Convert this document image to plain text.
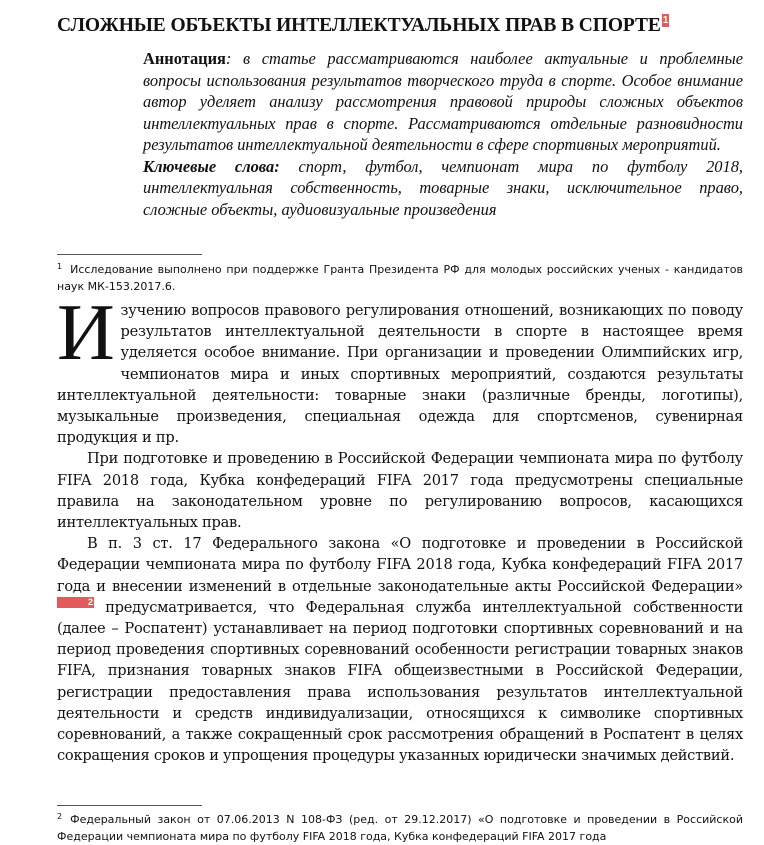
СЛОЖНЫЕ ОБЪЕКТЫ ИНТЕЛЛЕКТУАЛЬНЫХ ПРАВ В СПОРТЕ 1

Аннотация: в статье рассматриваются наиболее актуальные и проблемные вопросы использования результатов творческого труда в спорте. Особое внимание автор уделяет анализу рассмотрения правовой природы сложных объектов интеллектуальных прав в спорте. Рассматриваются отдельные разновидности результатов интеллектуальной деятельности в сфере спортивных мероприятий.

Ключевые слова: спорт, футбол, чемпионат мира по футболу 2018, интеллектуальная собственность, товарные знаки, исключительное право, сложные объекты, аудиовизуальные произведения

$^1$ Исследование выполнено при поддержке Гранта Президента РФ для молодых российских ученых - кандидатов наук МК-153.2017.6.

Изучению вопросов правового регулирования отношений, возникающих по поводу результатов интеллектуальной деятельности в спорте в настоящее время уделяется особое внимание. При организации и проведении Олимпийских игр, чемпионатов мира и иных спортивных мероприятий, создаются результаты интеллектуальной деятельности: товарные знаки (различные бренды, логотипы), музыкальные произведения, специальная одежда для спортсменов, сувенирная продукция и пр.

При подготовке и проведению в Российской Федерации чемпионата мира по футболу FIFA 2018 года, Кубка конфедераций FIFA 2017 года предусмотрены специальные правила на законодательном уровне по регулированию вопросов, касающихся интеллектуальных прав.

В п. 3 ст. 17 Федерального закона «О подготовке и проведении в Российской Федерации чемпионата мира по футболу FIFA 2018 года, Кубка конфедераций FIFA 2017 года и внесении изменений в отдельные законодательные акты Российской Федерации»2 предусматривается, что Федеральная служба интеллектуальной собственности (далее – Роспатент) устанавливает на период подготовки спортивных соревнований и на период проведения спортивных соревнований особенности регистрации товарных знаков FIFA, признания товарных знаков FIFA общеизвестными в Российской Федерации, регистрации предоставления права использования результатов интеллектуальной деятельности и средств индивидуализации, относящихся к символике спортивных соревнований, а также сокращенный срок рассмотрения обращений в Роспатент в целях сокращения сроков и упрощения процедуры указанных юридически значимых действий.

$^2$ Федеральный закон от 07.06.2013 N 108-ФЗ (ред. от 29.12.2017) «О подготовке и проведении в Российской Федерации чемпионата мира по футболу FIFA 2018 года, Кубка конфедераций FIFA 2017 года
